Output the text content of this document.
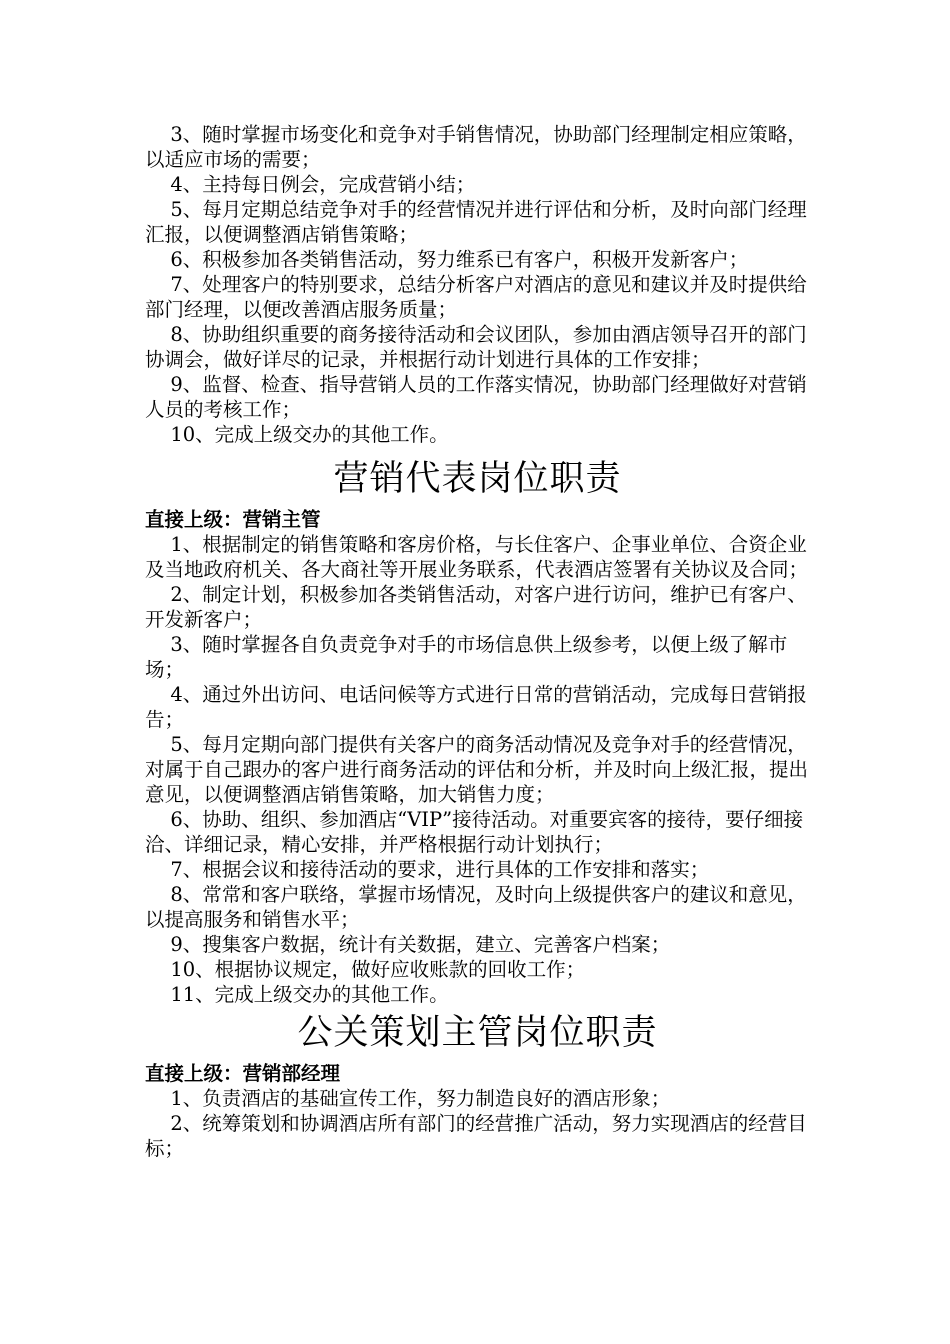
3、随时掌握市场变化和竞争对手销售情况，协助部门经理制定相应策略，以适应市场的需要；

4、主持每日例会，完成营销小结；

5、每月定期总结竞争对手的经营情况并进行评估和分析，及时向部门经理汇报，以便调整酒店销售策略；

6、积极参加各类销售活动，努力维系已有客户，积极开发新客户；

7、处理客户的特别要求，总结分析客户对酒店的意见和建议并及时提供给部门经理，以便改善酒店服务质量；

8、协助组织重要的商务接待活动和会议团队，参加由酒店领导召开的部门协调会，做好详尽的记录，并根据行动计划进行具体的工作安排；

9、监督、检查、指导营销人员的工作落实情况，协助部门经理做好对营销人员的考核工作；

10、完成上级交办的其他工作。

营销代表岗位职责

直接上级：营销主管

1、根据制定的销售策略和客房价格，与长住客户、企事业单位、合资企业及当地政府机关、各大商社等开展业务联系，代表酒店签署有关协议及合同；

2、制定计划，积极参加各类销售活动，对客户进行访问，维护已有客户、开发新客户；

3、随时掌握各自负责竞争对手的市场信息供上级参考，以便上级了解市场；

4、通过外出访问、电话问候等方式进行日常的营销活动，完成每日营销报告；

5、每月定期向部门提供有关客户的商务活动情况及竞争对手的经营情况，对属于自己跟办的客户进行商务活动的评估和分析，并及时向上级汇报，提出意见，以便调整酒店销售策略，加大销售力度；

6、协助、组织、参加酒店“VIP”接待活动。对重要宾客的接待，要仔细接洽、详细记录，精心安排，并严格根据行动计划执行；

7、根据会议和接待活动的要求，进行具体的工作安排和落实；

8、常常和客户联络，掌握市场情况，及时向上级提供客户的建议和意见，以提高服务和销售水平；

9、搜集客户数据，统计有关数据，建立、完善客户档案；

10、根据协议规定，做好应收账款的回收工作；

11、完成上级交办的其他工作。

公关策划主管岗位职责

直接上级：营销部经理

1、负责酒店的基础宣传工作，努力制造良好的酒店形象；

2、统筹策划和协调酒店所有部门的经营推广活动，努力实现酒店的经营目标；
